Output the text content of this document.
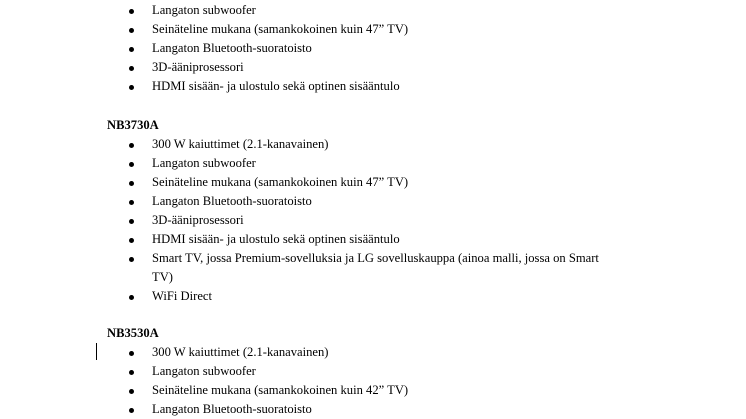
Langaton subwoofer
Seinäteline mukana (samankokoinen kuin 47” TV)
Langaton Bluetooth-suoratoisto
3D-ääniprosessori
HDMI sisään- ja ulostulo sekä optinen sisääntulo
NB3730A
300 W kaiuttimet (2.1-kanavainen)
Langaton subwoofer
Seinäteline mukana (samankokoinen kuin 47” TV)
Langaton Bluetooth-suoratoisto
3D-ääniprosessori
HDMI sisään- ja ulostulo sekä optinen sisääntulo
Smart TV, jossa Premium-sovelluksia ja LG sovelluskauppa (ainoa malli, jossa on Smart TV)
WiFi Direct
NB3530A
300 W kaiuttimet (2.1-kanavainen)
Langaton subwoofer
Seinäteline mukana (samankokoinen kuin 42” TV)
Langaton Bluetooth-suoratoisto
